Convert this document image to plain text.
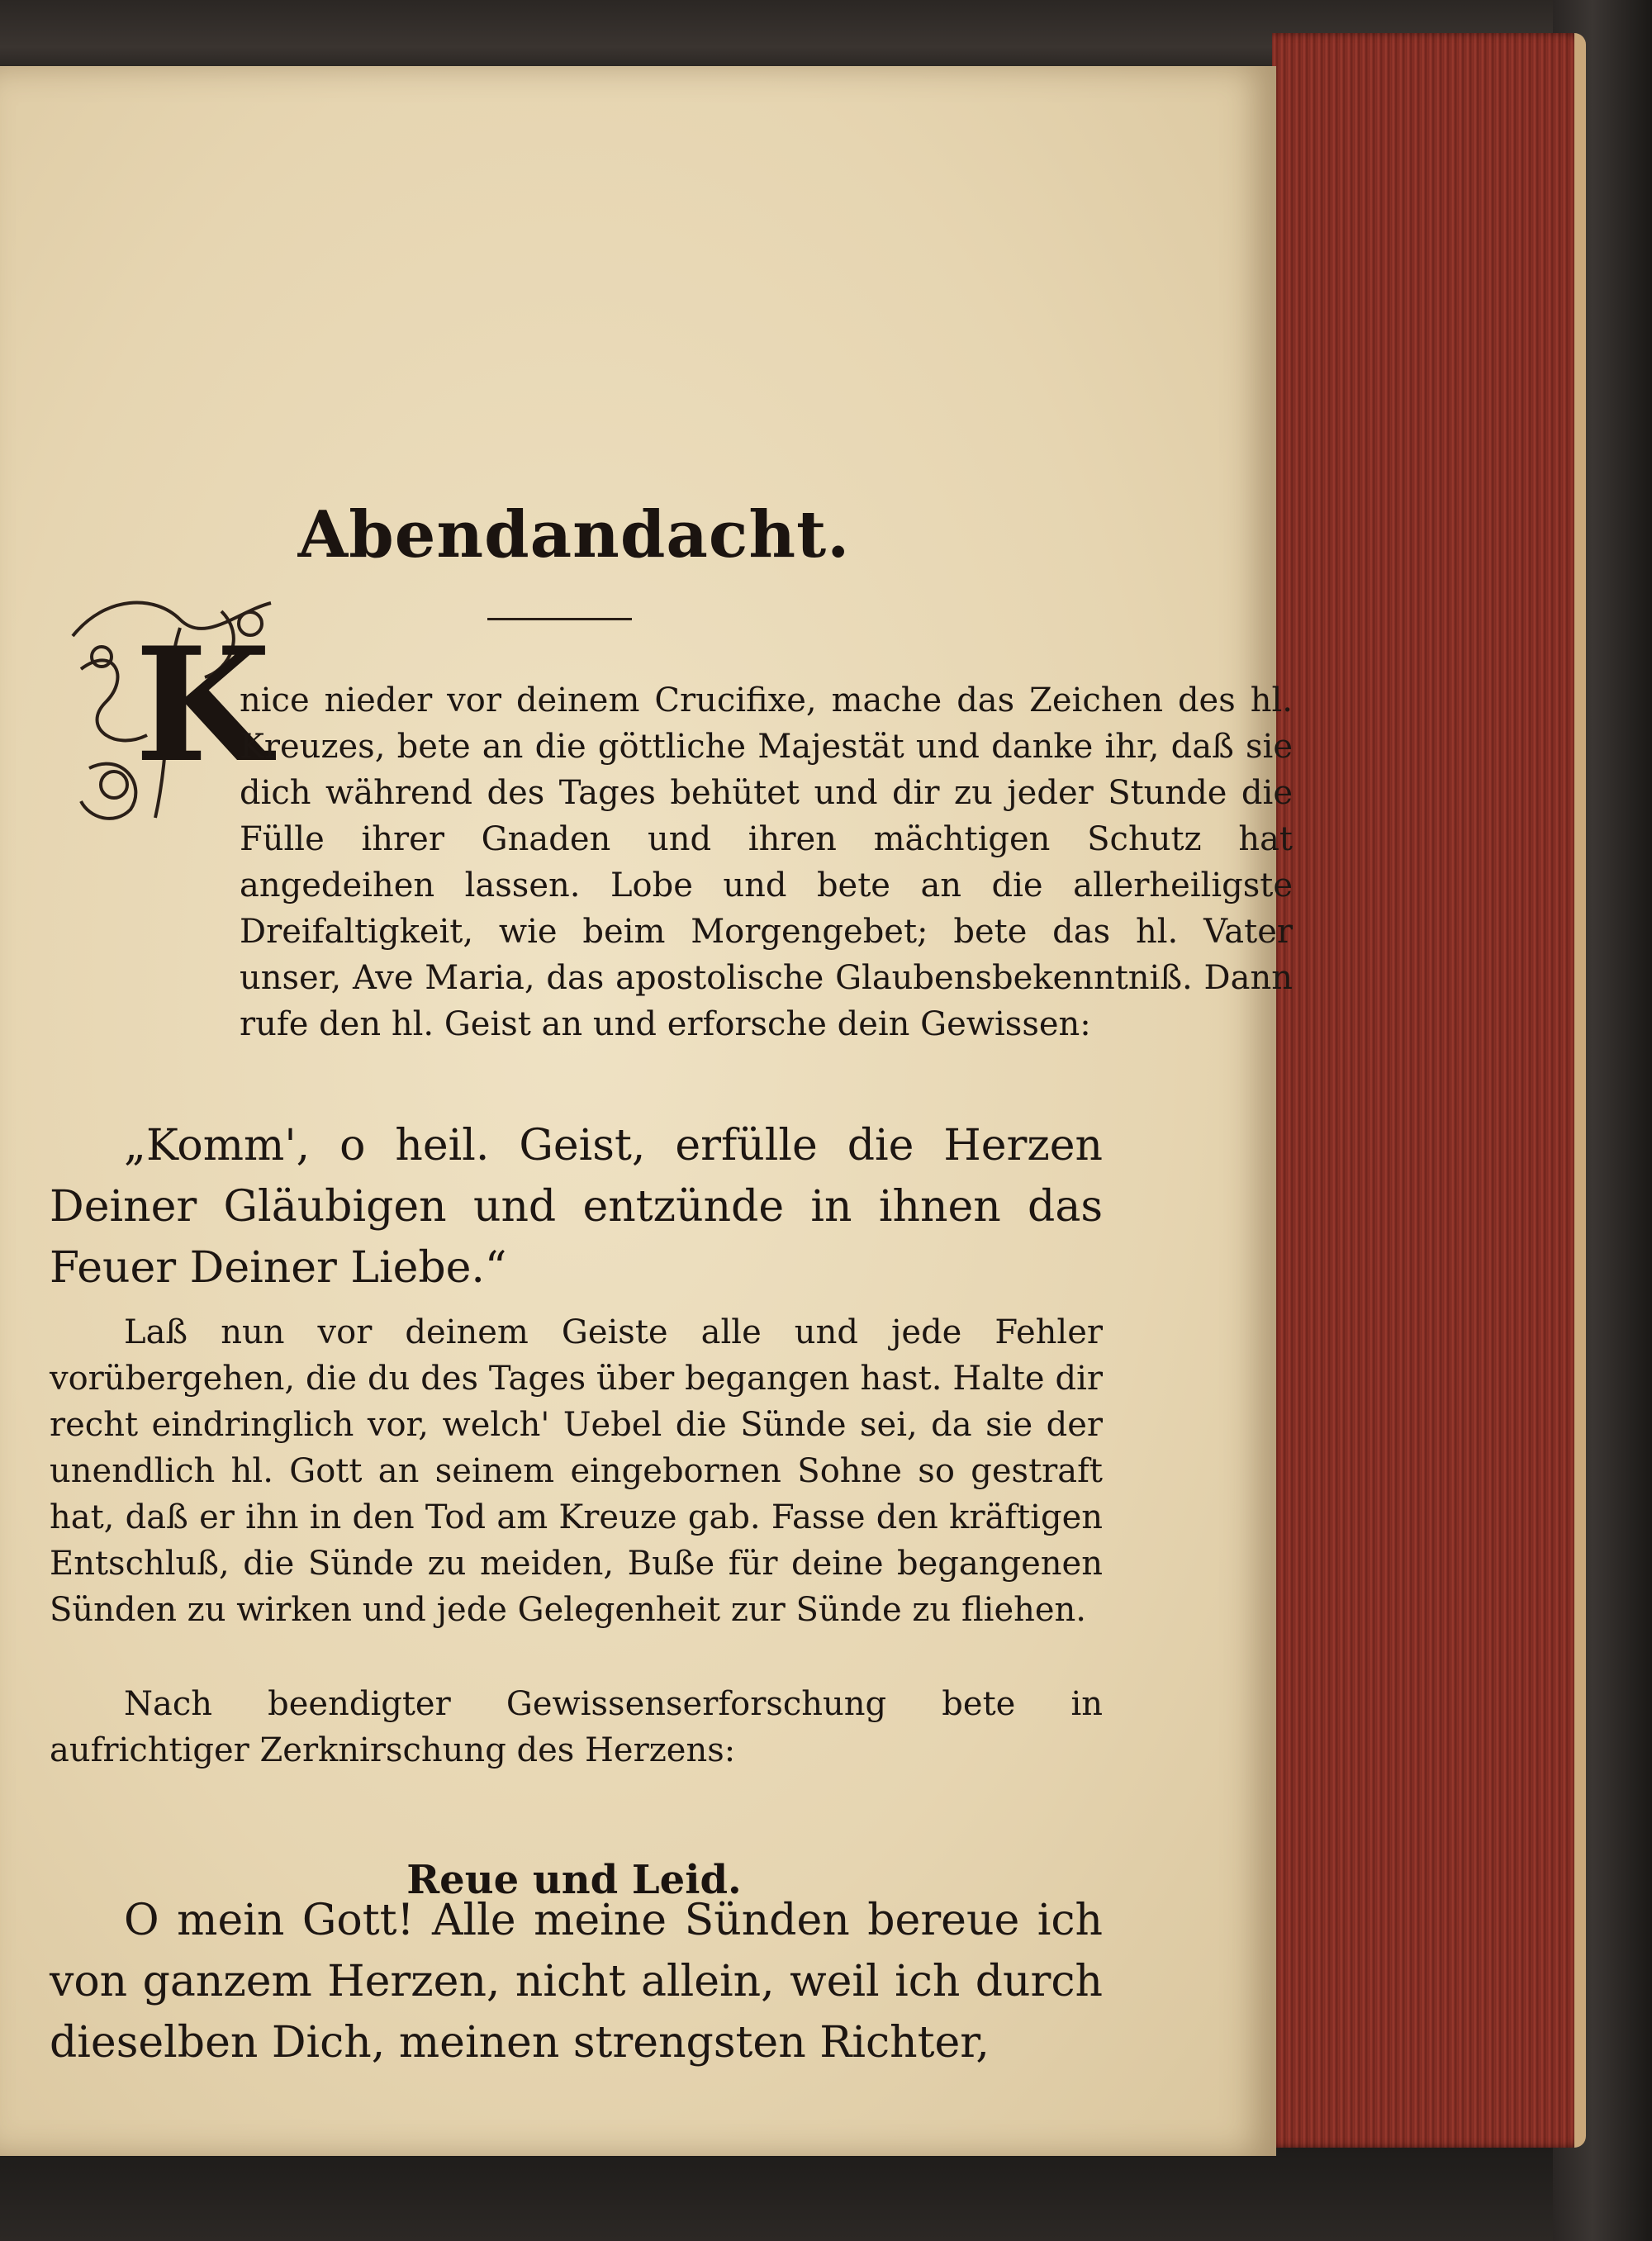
Abendandacht.
K

nice nieder vor deinem Crucifixe, mache das Zeichen des hl. Kreuzes, bete an die göttliche Majestät und danke ihr, daß sie dich während des Tages behütet und dir zu jeder Stunde die Fülle ihrer Gnaden und ihren mächtigen Schutz hat angedeihen lassen. Lobe und bete an die allerheiligste Dreifaltigkeit, wie beim Morgengebet; bete das hl. Vater unser, Ave Maria, das apostolische Glaubensbekenntniß. Dann rufe den hl. Geist an und erforsche dein Gewissen:

„Komm', o heil. Geist, erfülle die Herzen Deiner Gläubigen und entzünde in ihnen das Feuer Deiner Liebe.“

Laß nun vor deinem Geiste alle und jede Fehler vorübergehen, die du des Tages über begangen hast. Halte dir recht eindringlich vor, welch' Uebel die Sünde sei, da sie der unendlich hl. Gott an seinem eingebornen Sohne so gestraft hat, daß er ihn in den Tod am Kreuze gab. Fasse den kräftigen Entschluß, die Sünde zu meiden, Buße für deine begangenen Sünden zu wirken und jede Gelegenheit zur Sünde zu fliehen.

Nach beendigter Gewissenserforschung bete in aufrichtiger Zerknirschung des Herzens:

Reue und Leid.

O mein Gott! Alle meine Sünden bereue ich von ganzem Herzen, nicht allein, weil ich durch dieselben Dich, meinen strengsten Richter,
